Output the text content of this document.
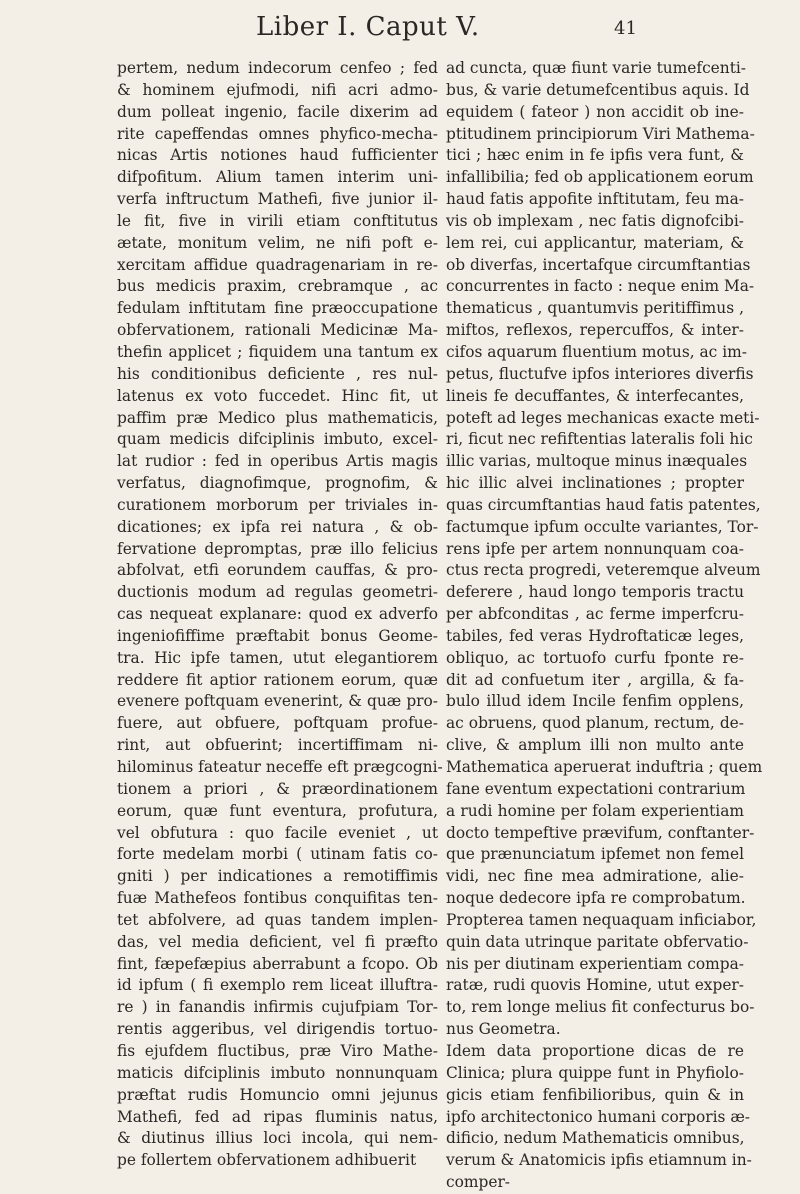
Liber I. Caput V.	41
pertem, nedum indecorum cenfeo ; fed
& hominem ejufmodi, nifi acri admo-
dum polleat ingenio, facile dixerim ad
rite capeffendas omnes phyfico-mecha-
nicas Artis notiones haud fufficienter
difpofitum. Alium tamen interim uni-
verfa inftructum Mathefi, five junior il-
le fit, five in virili etiam conftitutus
ætate, monitum velim, ne nifi poft e-
xercitam affidue quadragenariam in re-
bus medicis praxim, crebramque , ac
fedulam inftitutam fine præoccupatione
obfervationem, rationali Medicinæ Ma-
thefin applicet ; fiquidem una tantum ex
his conditionibus deficiente , res nul-
latenus ex voto fuccedet. Hinc fit, ut
paffim præ Medico plus mathematicis,
quam medicis difciplinis imbuto, excel-
lat rudior : fed in operibus Artis magis
verfatus, diagnofimque, prognofim, &
curationem morborum per triviales in-
dicationes; ex ipfa rei natura , & ob-
fervatione depromptas, præ illo felicius
abfolvat, etfi eorundem cauffas, & pro-
ductionis modum ad regulas geometri-
cas nequeat explanare: quod ex adverfo
ingeniofiffime præftabit bonus Geome-
tra. Hic ipfe tamen, utut elegantiorem
reddere fit aptior rationem eorum, quæ
evenere poftquam evenerint, & quæ pro-
fuere, aut obfuere, poftquam profue-
rint, aut obfuerint; incertiffimam ni-
hilominus fateatur neceffe eft prægcogni-
tionem a priori , & præordinationem
eorum, quæ funt eventura, profutura,
vel obfutura : quo facile eveniet , ut
forte medelam morbi ( utinam fatis co-
gniti ) per indicationes a remotiffimis
fuæ Mathefeos fontibus conquifitas ten-
tet abfolvere, ad quas tandem implen-
das, vel media deficient, vel fi præfto
fint, fæpefæpius aberrabunt a fcopo. Ob
id ipfum ( fi exemplo rem liceat illuftra-
re ) in fanandis infirmis cujufpiam Tor-
rentis aggeribus, vel dirigendis tortuo-
fis ejufdem fluctibus, præ Viro Mathe-
maticis difciplinis imbuto nonnunquam
præftat rudis Homuncio omni jejunus
Mathefi, fed ad ripas fluminis natus,
& diutinus illius loci incola, qui nem-
pe follertem obfervationem adhibuerit
ad cuncta, quæ fiunt varie tumefcenti-
bus, & varie detumefcentibus aquis. Id
equidem ( fateor ) non accidit ob ine-
ptitudinem principiorum Viri Mathema-
tici ; hæc enim in fe ipfis vera funt, &
infallibilia; fed ob applicationem eorum
haud fatis appofite inftitutam, feu ma-
vis ob implexam , nec fatis dignofcibi-
lem rei, cui applicantur, materiam, &
ob diverfas, incertafque circumftantias
concurrentes in facto : neque enim Ma-
thematicus , quantumvis peritiffimus ,
miftos, reflexos, repercuffos, & inter-
cifos aquarum fluentium motus, ac im-
petus, fluctufve ipfos interiores diverfis
lineis fe decuffantes, & interfecantes,
poteft ad leges mechanicas exacte meti-
ri, ficut nec refiftentias lateralis foli hic
illic varias, multoque minus inæquales
hic illic alvei inclinationes ; propter
quas circumftantias haud fatis patentes,
factumque ipfum occulte variantes, Tor-
rens ipfe per artem nonnunquam coa-
ctus recta progredi, veteremque alveum
deferere , haud longo temporis tractu
per abfconditas , ac ferme imperfcru-
tabiles, fed veras Hydroftaticæ leges,
obliquo, ac tortuofo curfu fponte re-
dit ad confuetum iter , argilla, & fa-
bulo illud idem Incile fenfim opplens,
ac obruens, quod planum, rectum, de-
clive, & amplum illi non multo ante
Mathematica aperuerat induftria ; quem
fane eventum expectationi contrarium
a rudi homine per folam experientiam
docto tempeftive prævifum, conftanter-
que prænunciatum ipfemet non femel
vidi, nec fine mea admiratione, alie-
noque dedecore ipfa re comprobatum.
Propterea tamen nequaquam inficiabor,
quin data utrinque paritate obfervatio-
nis per diutinam experientiam compa-
ratæ, rudi quovis Homine, utut exper-
to, rem longe melius fit confecturus bo-
nus Geometra.
Idem data proportione dicas de re
Clinica; plura quippe funt in Phyfiolo-
gicis etiam fenfibilioribus, quin & in
ipfo architectonico humani corporis æ-
dificio, nedum Mathematicis omnibus,
verum & Anatomicis ipfis etiamnum in-
comper-
